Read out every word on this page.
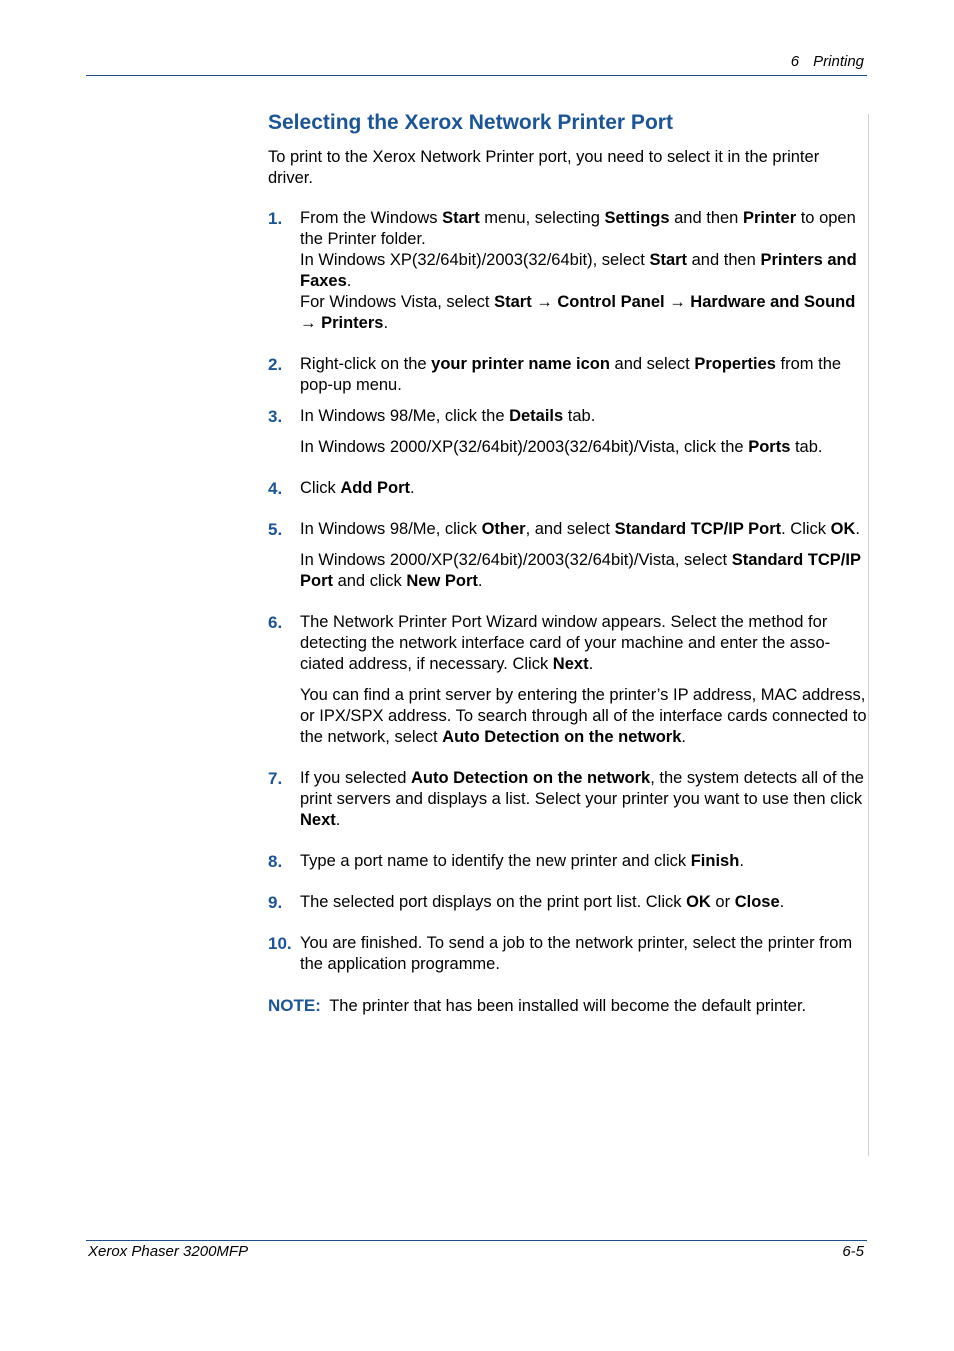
6 Printing
Selecting the Xerox Network Printer Port

To print to the Xerox Network Printer port, you need to select it in the printer driver.

1. From the Windows Start menu, selecting Settings and then Printer to open the Printer folder.
In Windows XP(32/64bit)/2003(32/64bit), select Start and then Printers and Faxes.
For Windows Vista, select Start → Control Panel → Hardware and Sound → Printers.

2. Right-click on the your printer name icon and select Properties from the pop-up menu.

3. In Windows 98/Me, click the Details tab.

In Windows 2000/XP(32/64bit)/2003(32/64bit)/Vista, click the Ports tab.

4. Click Add Port.

5. In Windows 98/Me, click Other, and select Standard TCP/IP Port. Click OK.

In Windows 2000/XP(32/64bit)/2003(32/64bit)/Vista, select Standard TCP/IP Port and click New Port.

6. The Network Printer Port Wizard window appears. Select the method for detecting the network interface card of your machine and enter the asso-ciated address, if necessary. Click Next.

You can find a print server by entering the printer’s IP address, MAC address, or IPX/SPX address. To search through all of the interface cards connected to the network, select Auto Detection on the network.

7. If you selected Auto Detection on the network, the system detects all of the print servers and displays a list. Select your printer you want to use then click Next.

8. Type a port name to identify the new printer and click Finish.

9. The selected port displays on the print port list. Click OK or Close.

10. You are finished. To send a job to the network printer, select the printer from the application programme.

NOTE: The printer that has been installed will become the default printer.

Xerox Phaser 3200MFP	6-5
